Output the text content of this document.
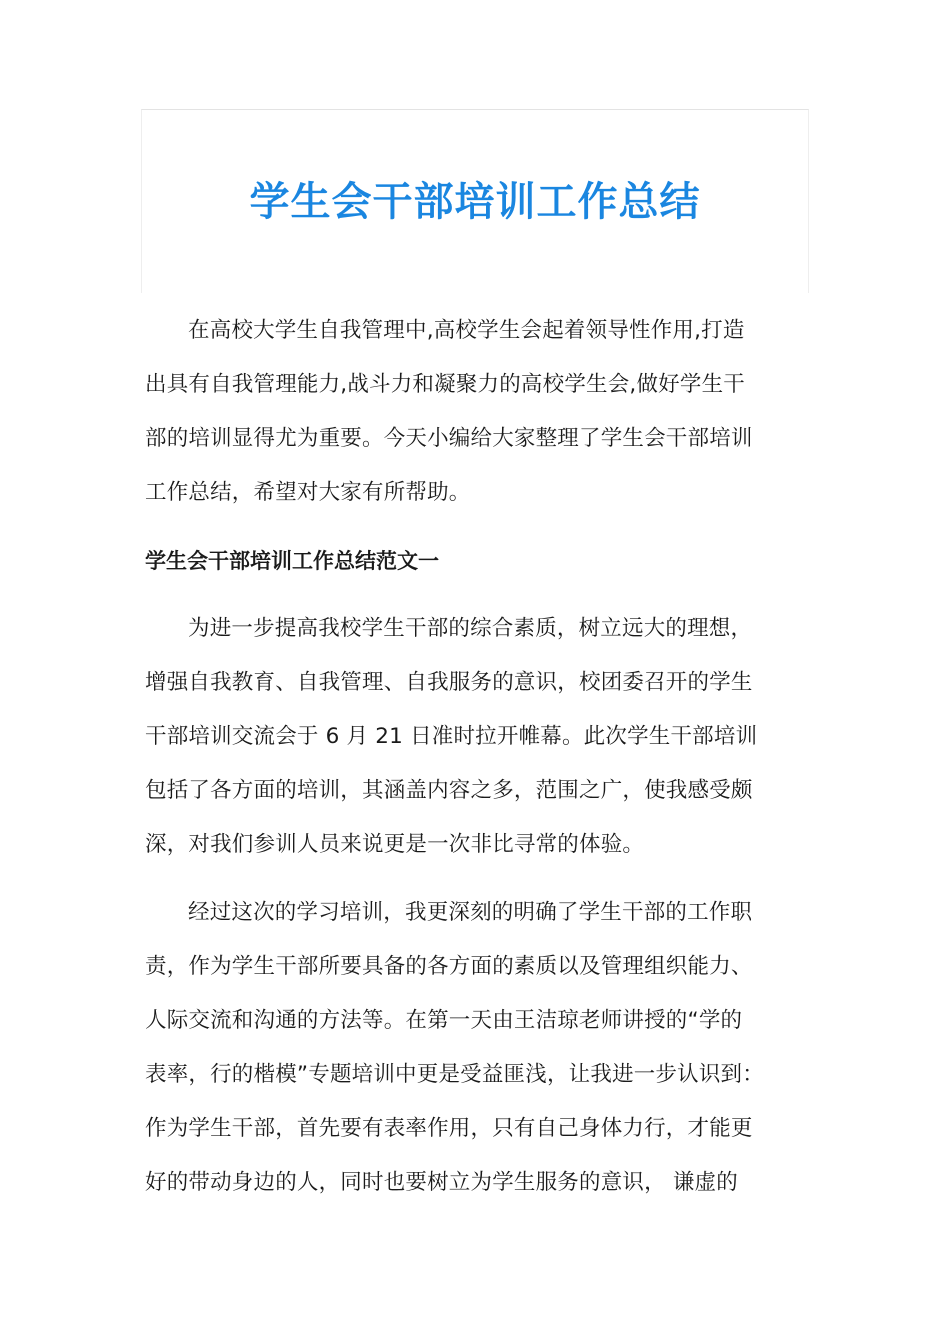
学生会干部培训工作总结

在高校大学生自我管理中,高校学生会起着领导性作用,打造
出具有自我管理能力,战斗力和凝聚力的高校学生会,做好学生干
部的培训显得尤为重要。今天小编给大家整理了学生会干部培训
工作总结，希望对大家有所帮助。

学生会干部培训工作总结范文一

为进一步提高我校学生干部的综合素质，树立远大的理想，
增强自我教育、自我管理、自我服务的意识，校团委召开的学生
干部培训交流会于 6 月 21 日准时拉开帷幕。此次学生干部培训
包括了各方面的培训，其涵盖内容之多，范围之广，使我感受颇
深，对我们参训人员来说更是一次非比寻常的体验。

经过这次的学习培训，我更深刻的明确了学生干部的工作职
责，作为学生干部所要具备的各方面的素质以及管理组织能力、
人际交流和沟通的方法等。在第一天由王洁琼老师讲授的“学的
表率，行的楷模”专题培训中更是受益匪浅，让我进一步认识到：
作为学生干部，首先要有表率作用，只有自己身体力行，才能更
好的带动身边的人，同时也要树立为学生服务的意识， 谦虚的
